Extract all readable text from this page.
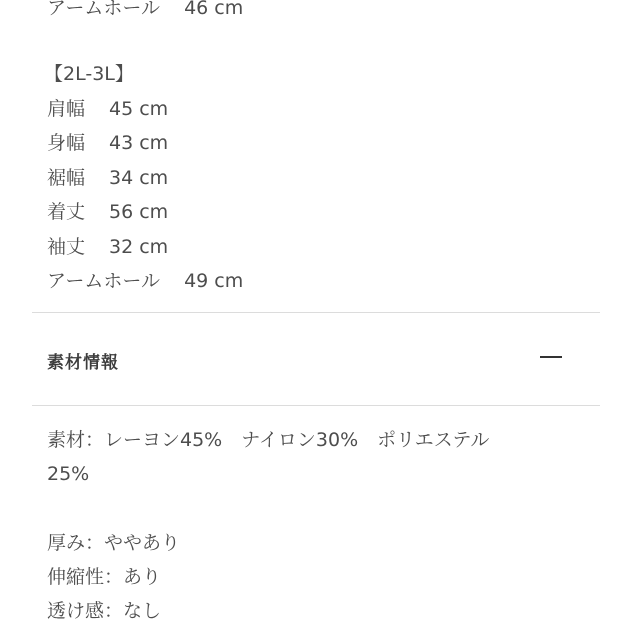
アームホール 46 cm
【2L-3L】
肩幅 45 cm
身幅 43 cm
裾幅 34 cm
着丈 56 cm
袖丈 32 cm
アームホール 49 cm
素材情報
素材：レーヨン45%　ナイロン30%　ポリエステル
25%
厚み：ややあり
伸縮性：あり
透け感：なし
